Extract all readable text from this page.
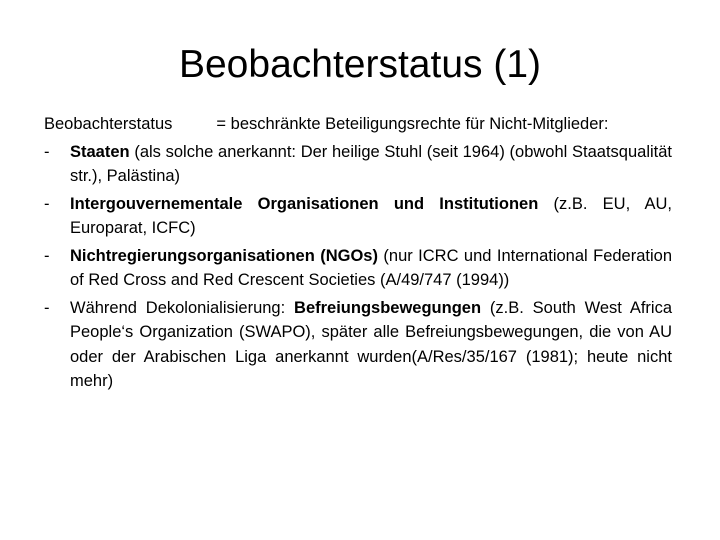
Beobachterstatus (1)

Beobachterstatus	= beschränkte Beteiligungsrechte für Nicht-Mitglieder:

- Staaten (als solche anerkannt: Der heilige Stuhl (seit 1964) (obwohl Staatsqualität str.), Palästina)
- Intergouvernementale Organisationen und Institutionen (z.B. EU, AU, Europarat, ICFC)
- Nichtregierungsorganisationen (NGOs) (nur ICRC und International Federation of Red Cross and Red Crescent Societies (A/49/747 (1994))
- Während Dekolonialisierung: Befreiungsbewegungen (z.B. South West Africa People‘s Organization (SWAPO), später alle Befreiungsbewegungen, die von AU oder der Arabischen Liga anerkannt wurden(A/Res/35/167 (1981); heute nicht mehr)
